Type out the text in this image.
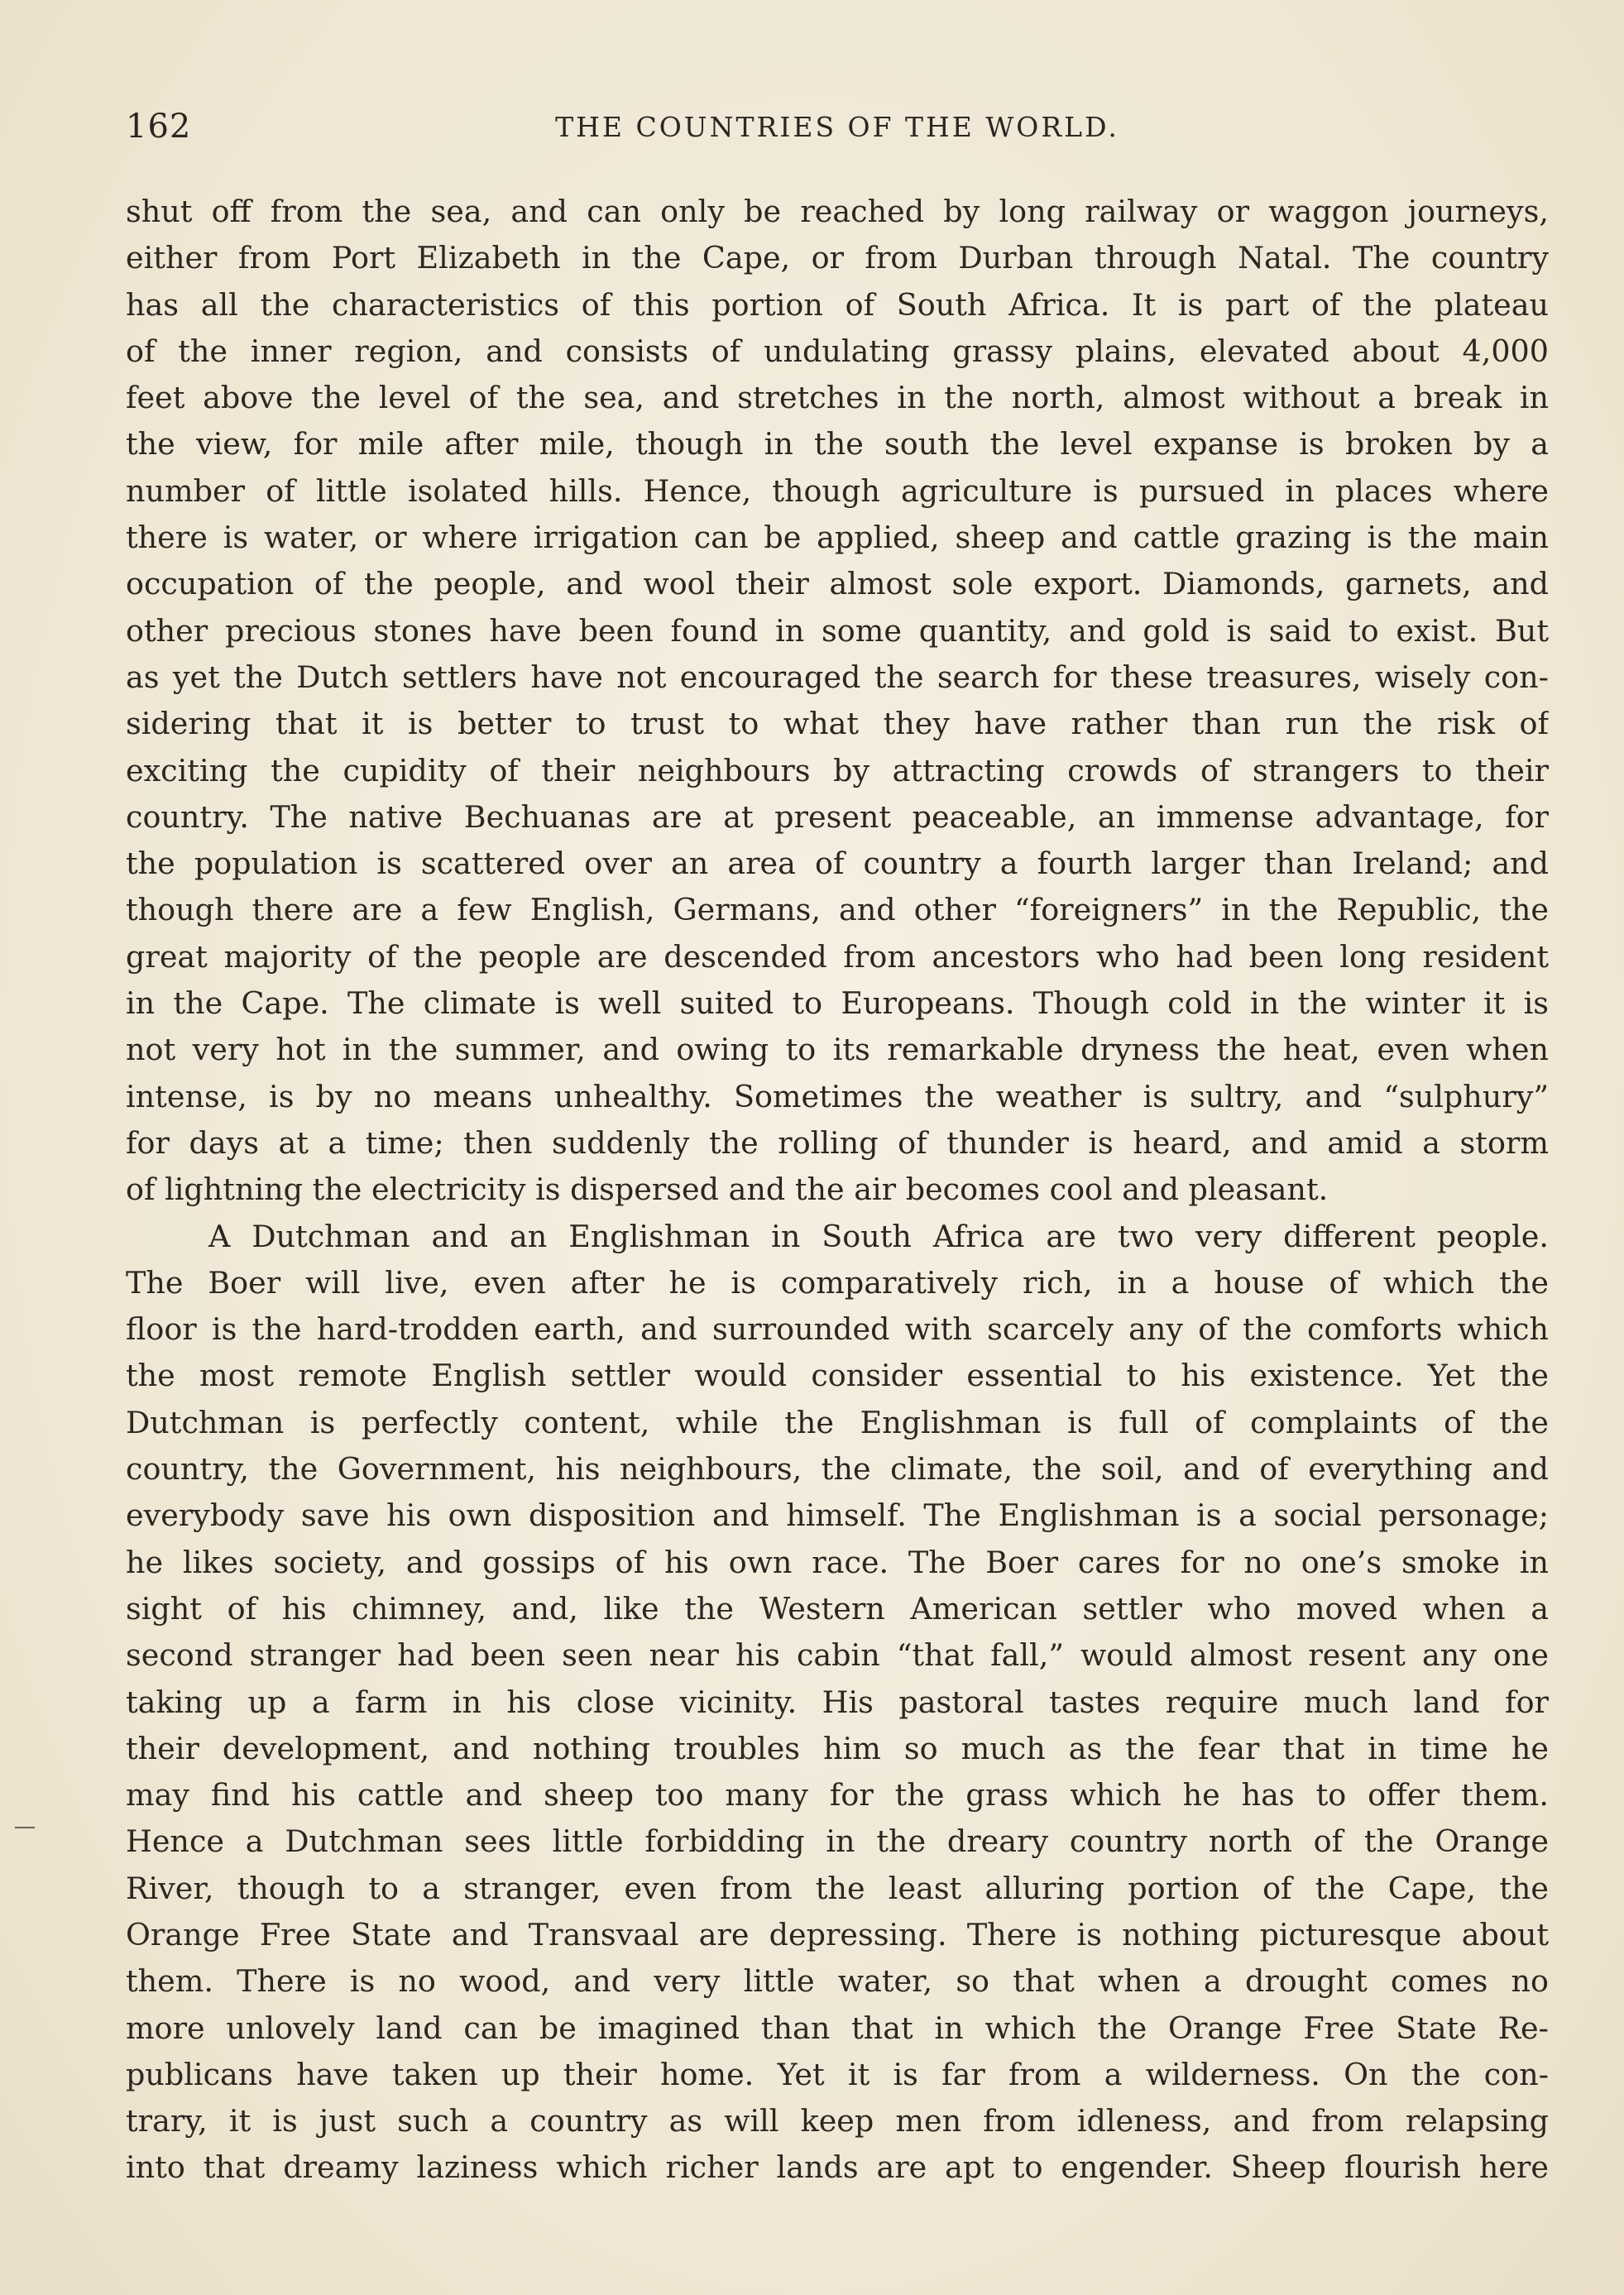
162	THE COUNTRIES OF THE WORLD.
shut off from the sea, and can only be reached by long railway or waggon journeys,
either from Port Elizabeth in the Cape, or from Durban through Natal. The country
has all the characteristics of this portion of South Africa. It is part of the plateau
of the inner region, and consists of undulating grassy plains, elevated about 4,000
feet above the level of the sea, and stretches in the north, almost without a break in
the view, for mile after mile, though in the south the level expanse is broken by a
number of little isolated hills. Hence, though agriculture is pursued in places where
there is water, or where irrigation can be applied, sheep and cattle grazing is the main
occupation of the people, and wool their almost sole export. Diamonds, garnets, and
other precious stones have been found in some quantity, and gold is said to exist. But
as yet the Dutch settlers have not encouraged the search for these treasures, wisely con-
sidering that it is better to trust to what they have rather than run the risk of
exciting the cupidity of their neighbours by attracting crowds of strangers to their
country. The native Bechuanas are at present peaceable, an immense advantage, for
the population is scattered over an area of country a fourth larger than Ireland; and
though there are a few English, Germans, and other “foreigners” in the Republic, the
great majority of the people are descended from ancestors who had been long resident
in the Cape. The climate is well suited to Europeans. Though cold in the winter it is
not very hot in the summer, and owing to its remarkable dryness the heat, even when
intense, is by no means unhealthy. Sometimes the weather is sultry, and “sulphury”
for days at a time; then suddenly the rolling of thunder is heard, and amid a storm
of lightning the electricity is dispersed and the air becomes cool and pleasant.
A Dutchman and an Englishman in South Africa are two very different people.
The Boer will live, even after he is comparatively rich, in a house of which the
floor is the hard-trodden earth, and surrounded with scarcely any of the comforts which
the most remote English settler would consider essential to his existence. Yet the
Dutchman is perfectly content, while the Englishman is full of complaints of the
country, the Government, his neighbours, the climate, the soil, and of everything and
everybody save his own disposition and himself. The Englishman is a social personage;
he likes society, and gossips of his own race. The Boer cares for no one’s smoke in
sight of his chimney, and, like the Western American settler who moved when a
second stranger had been seen near his cabin “that fall,” would almost resent any one
taking up a farm in his close vicinity. His pastoral tastes require much land for
their development, and nothing troubles him so much as the fear that in time he
may find his cattle and sheep too many for the grass which he has to offer them.
Hence a Dutchman sees little forbidding in the dreary country north of the Orange
River, though to a stranger, even from the least alluring portion of the Cape, the
Orange Free State and Transvaal are depressing. There is nothing picturesque about
them. There is no wood, and very little water, so that when a drought comes no
more unlovely land can be imagined than that in which the Orange Free State Re-
publicans have taken up their home. Yet it is far from a wilderness. On the con-
trary, it is just such a country as will keep men from idleness, and from relapsing
into that dreamy laziness which richer lands are apt to engender. Sheep flourish here
